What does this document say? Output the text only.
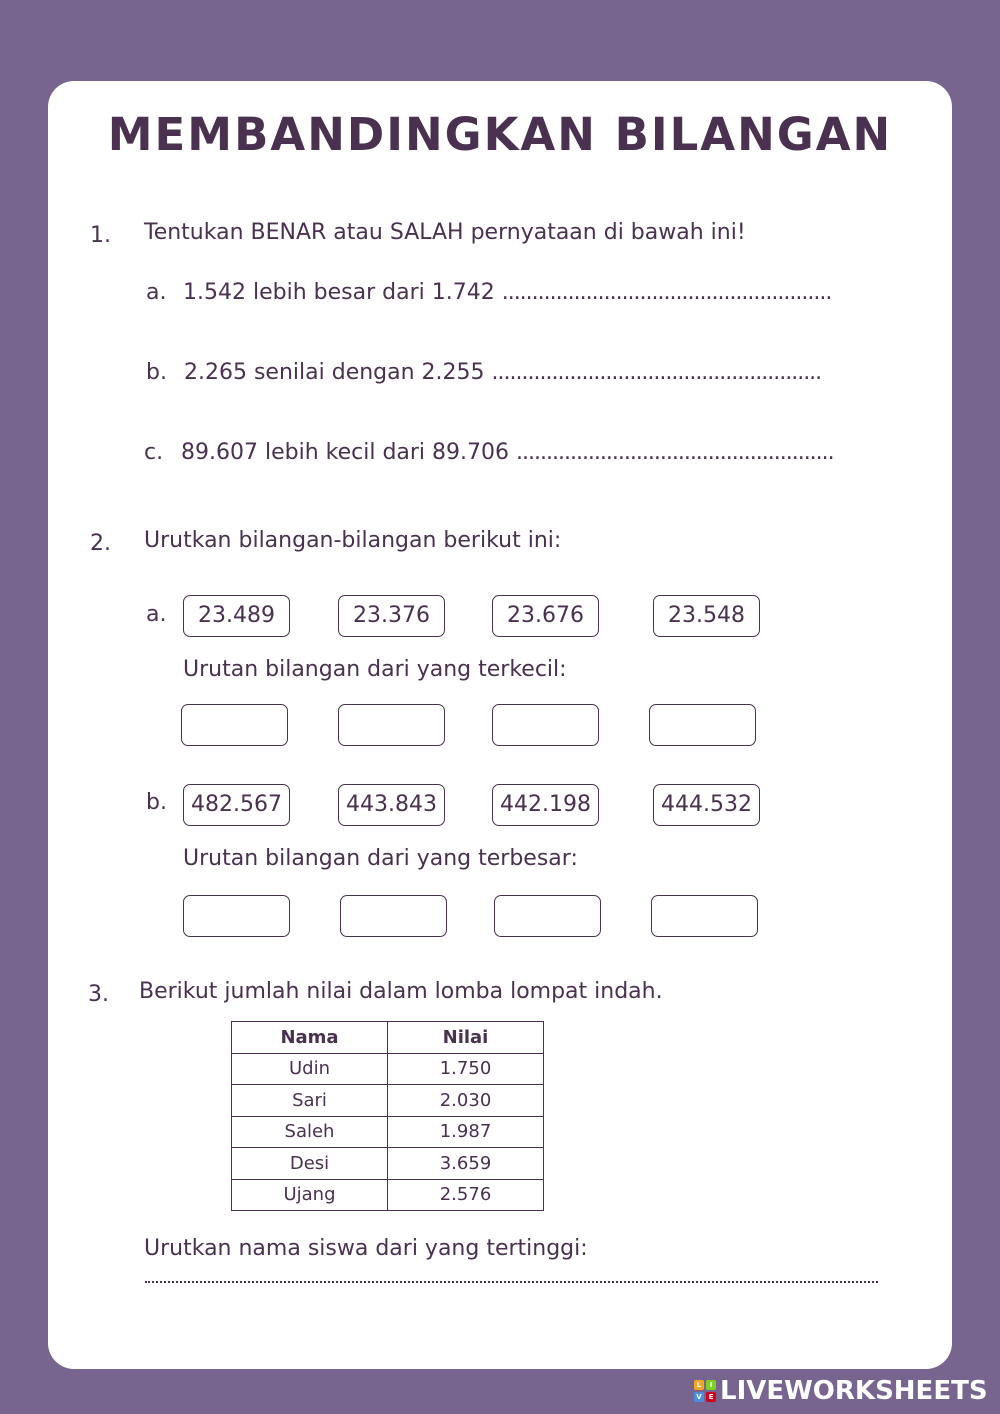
MEMBANDINGKAN BILANGAN
1. Tentukan BENAR atau SALAH pernyataan di bawah ini!
a. 1.542 lebih besar dari 1.742 .......................................................
b. 2.265 senilai dengan 2.255 .......................................................
c. 89.607 lebih kecil dari 89.706 .....................................................
2. Urutkan bilangan-bilangan berikut ini:
a.	23.489	23.376	23.676	23.548
Urutan bilangan dari yang terkecil:
b.	482.567	443.843	442.198	444.532
Urutan bilangan dari yang terbesar:
3. Berikut jumlah nilai dalam lomba lompat indah.
Nama	Nilai
Udin	1.750
Sari	2.030
Saleh	1.987
Desi	3.659
Ujang	2.576
Urutkan nama siswa dari yang tertinggi:
L	I
V E LIVEWORKSHEETS
